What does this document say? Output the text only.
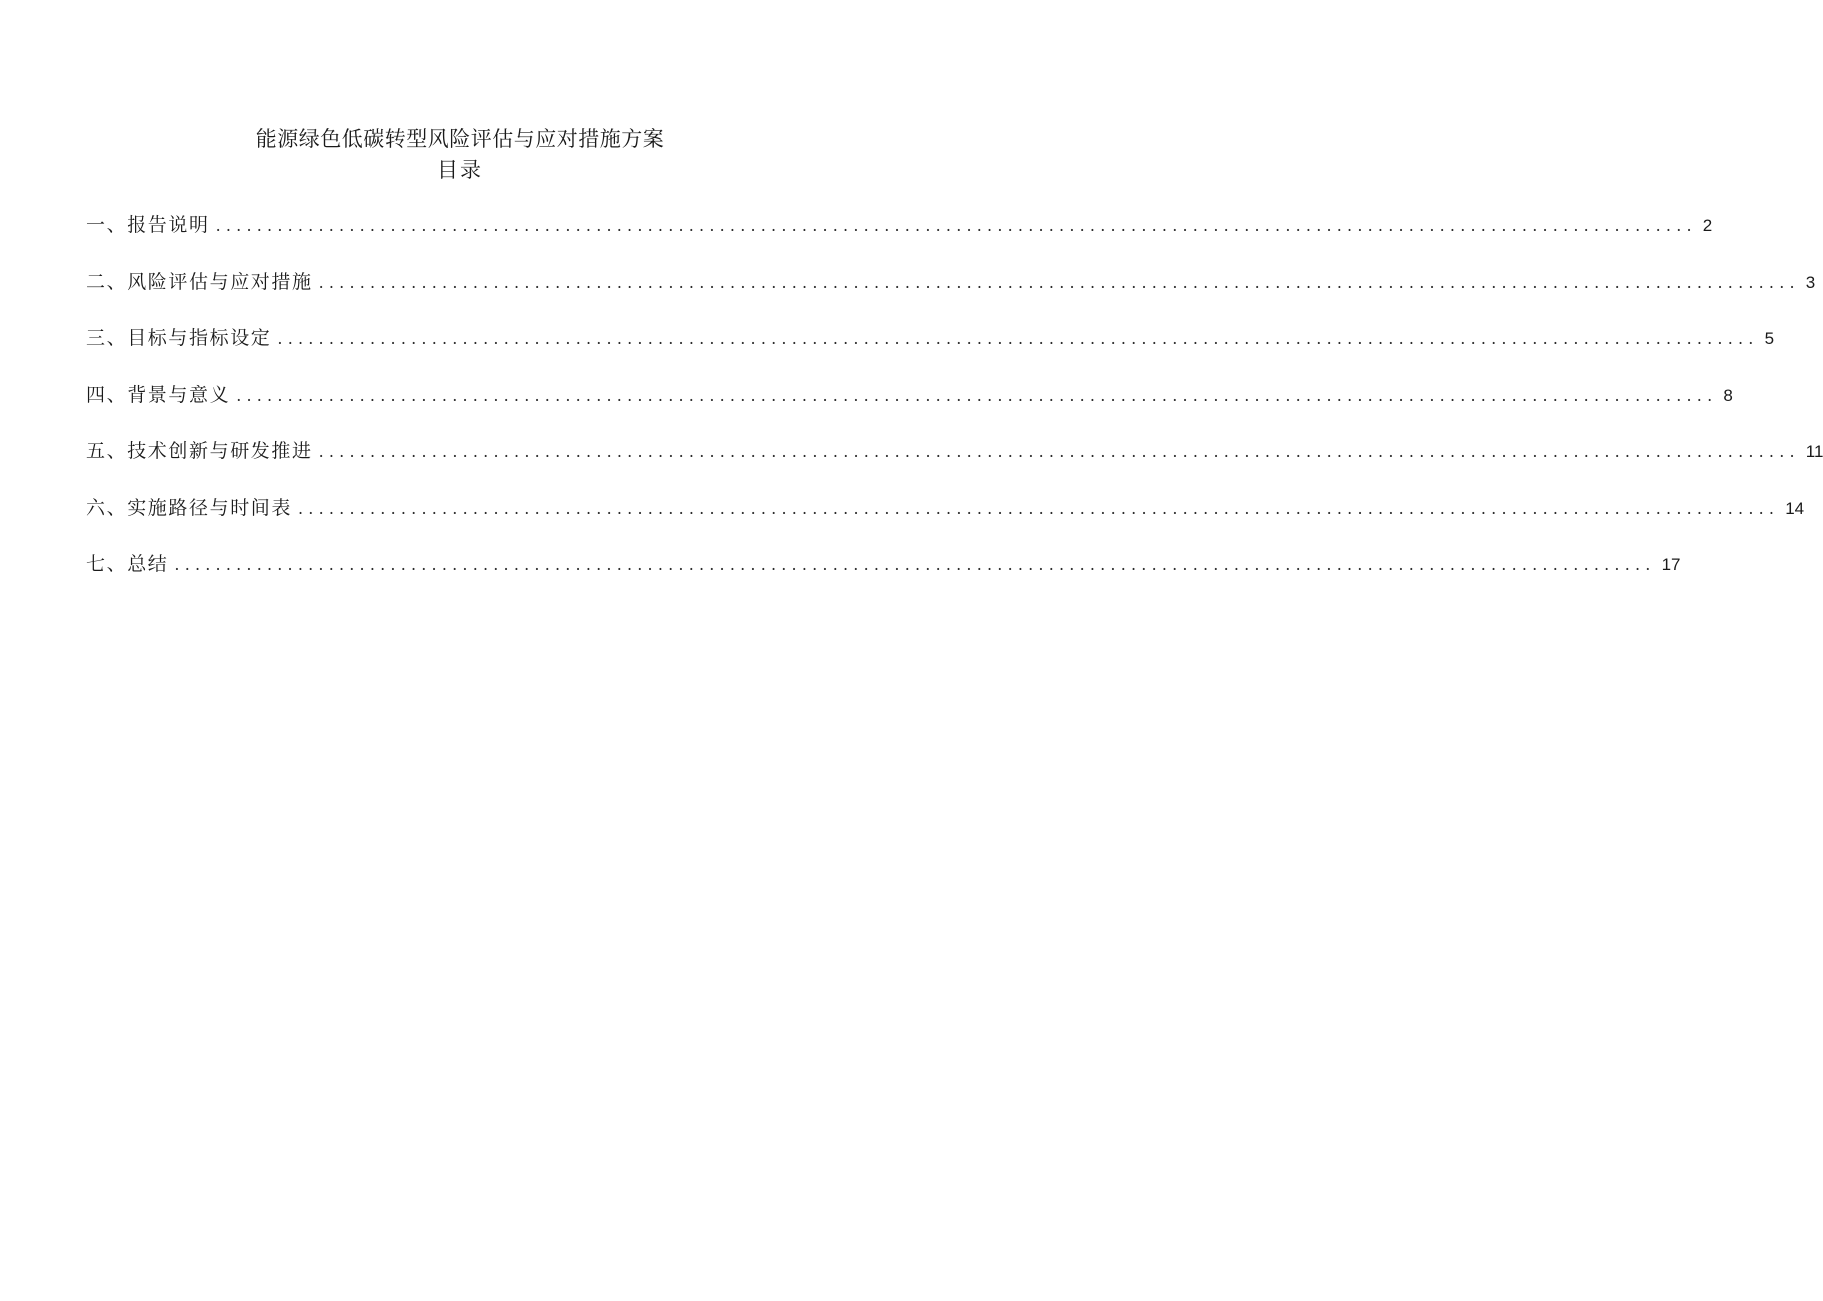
能源绿色低碳转型风险评估与应对措施方案
目录
一、报告说明 ................................................................................................................................................ 2
二、风险评估与应对措施 ................................................................................................................................................ 3
三、目标与指标设定 ................................................................................................................................................ 5
四、背景与意义 ................................................................................................................................................ 8
五、技术创新与研发推进 ................................................................................................................................................ 11
六、实施路径与时间表 ................................................................................................................................................ 14
七、总结 ................................................................................................................................................ 17
